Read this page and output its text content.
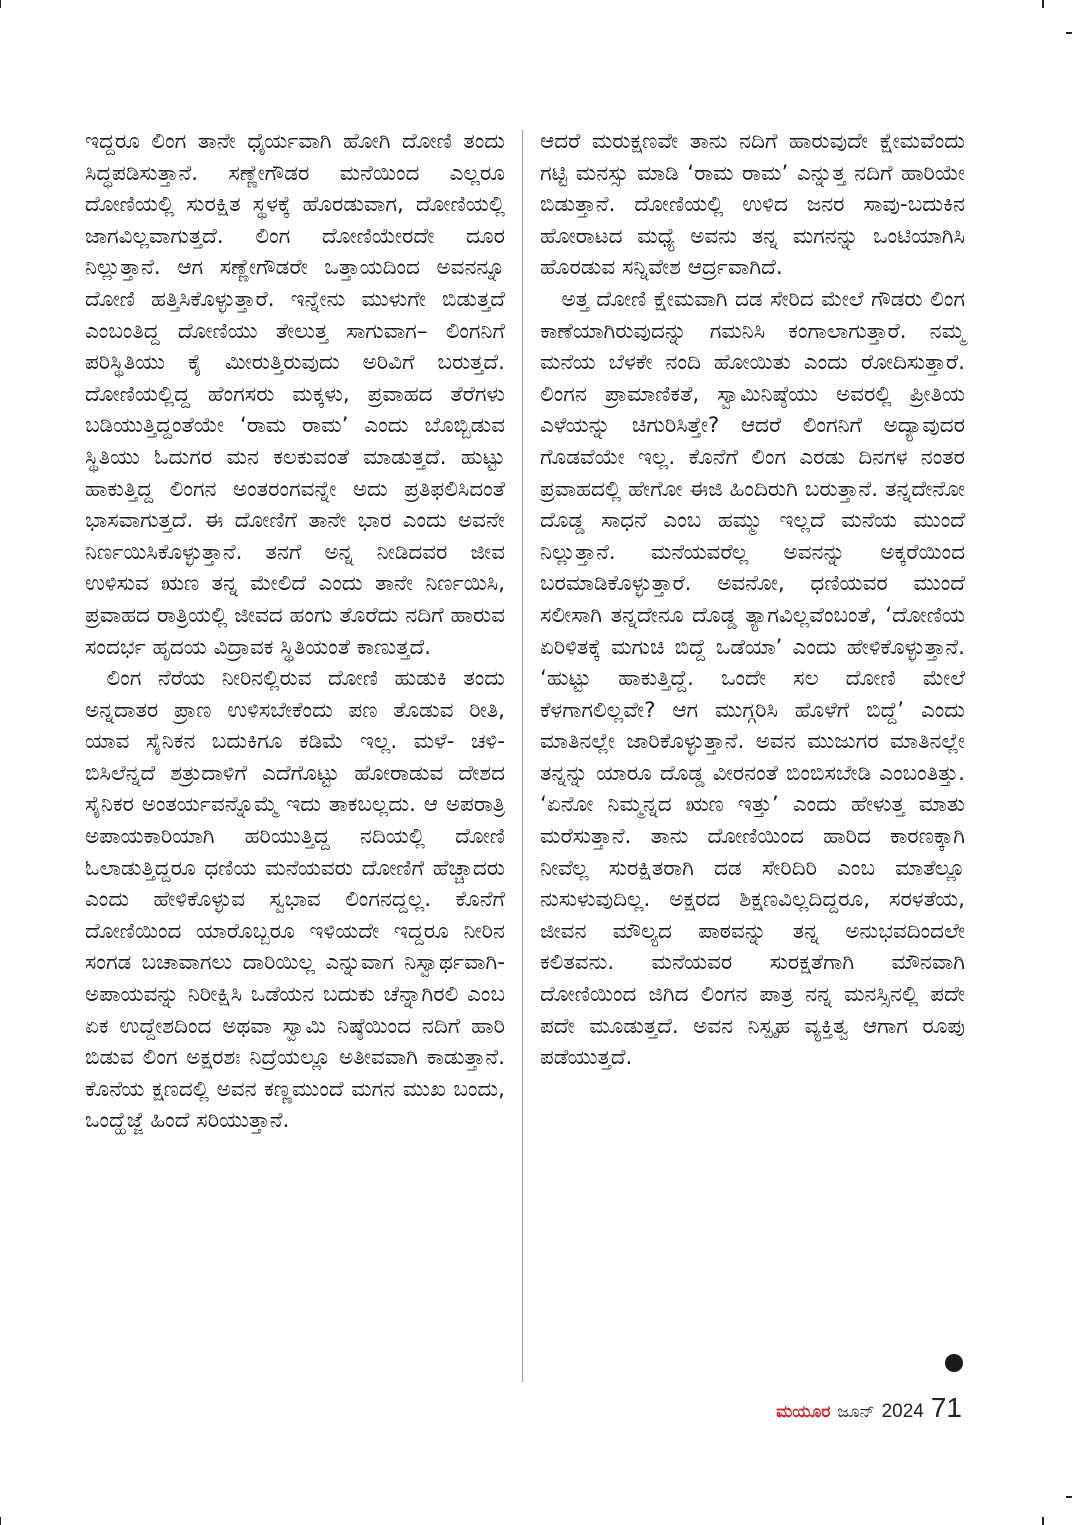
ಇದ್ದರೂ ಲಿಂಗ ತಾನೇ ಧೈರ್ಯವಾಗಿ ಹೋಗಿ ದೋಣಿ ತಂದು ಸಿದ್ಧಪಡಿಸುತ್ತಾನೆ. ಸಣ್ಣೇಗೌಡರ ಮನೆಯಿಂದ ಎಲ್ಲರೂ ದೋಣಿಯಲ್ಲಿ ಸುರಕ್ಷಿತ ಸ್ಥಳಕ್ಕೆ ಹೊರಡುವಾಗ, ದೋಣಿಯಲ್ಲಿ ಜಾಗವಿಲ್ಲವಾಗುತ್ತದೆ. ಲಿಂಗ ದೋಣಿಯೇರದೇ ದೂರ ನಿಲ್ಲುತ್ತಾನೆ. ಆಗ ಸಣ್ಣೇಗೌಡರೇ ಒತ್ತಾಯದಿಂದ ಅವನನ್ನೂ ದೋಣಿ ಹತ್ತಿಸಿಕೊಳ್ಳುತ್ತಾರೆ. ಇನ್ನೇನು ಮುಳುಗೇ ಬಿಡುತ್ತದೆ ಎಂಬಂತಿದ್ದ ದೋಣಿಯು ತೇಲುತ್ತ ಸಾಗುವಾಗ– ಲಿಂಗನಿಗೆ ಪರಿಸ್ಥಿತಿಯು ಕೈ ಮೀರುತ್ತಿರುವುದು ಅರಿವಿಗೆ ಬರುತ್ತದೆ. ದೋಣಿಯಲ್ಲಿದ್ದ ಹೆಂಗಸರು ಮಕ್ಕಳು, ಪ್ರವಾಹದ ತೆರೆಗಳು ಬಡಿಯುತ್ತಿದ್ದಂತೆಯೇ ‘ರಾಮ ರಾಮ’ ಎಂದು ಬೊಬ್ಬಿಡುವ ಸ್ಥಿತಿಯು ಓದುಗರ ಮನ ಕಲಕುವಂತೆ ಮಾಡುತ್ತದೆ. ಹುಟ್ಟು ಹಾಕುತ್ತಿದ್ದ ಲಿಂಗನ ಅಂತರಂಗವನ್ನೇ ಅದು ಪ್ರತಿಫಲಿಸಿದಂತೆ ಭಾಸವಾಗುತ್ತದೆ. ಈ ದೋಣಿಗೆ ತಾನೇ ಭಾರ ಎಂದು ಅವನೇ ನಿರ್ಣಯಿಸಿಕೊಳ್ಳುತ್ತಾನೆ. ತನಗೆ ಅನ್ನ ನೀಡಿದವರ ಜೀವ ಉಳಿಸುವ ಋಣ ತನ್ನ ಮೇಲಿದೆ ಎಂದು ತಾನೇ ನಿರ್ಣಯಿಸಿ, ಪ್ರವಾಹದ ರಾತ್ರಿಯಲ್ಲಿ ಜೀವದ ಹಂಗು ತೊರೆದು ನದಿಗೆ ಹಾರುವ ಸಂದರ್ಭ ಹೃದಯ ವಿದ್ರಾವಕ ಸ್ಥಿತಿಯಂತೆ ಕಾಣುತ್ತದೆ.

ಲಿಂಗ ನೆರೆಯ ನೀರಿನಲ್ಲಿರುವ ದೋಣಿ ಹುಡುಕಿ ತಂದು ಅನ್ನದಾತರ ಪ್ರಾಣ ಉಳಿಸಬೇಕೆಂದು ಪಣ ತೊಡುವ ರೀತಿ, ಯಾವ ಸೈನಿಕನ ಬದುಕಿಗೂ ಕಡಿಮೆ ಇಲ್ಲ. ಮಳೆ- ಚಳಿ- ಬಿಸಿಲೆನ್ನದೆ ಶತ್ರುದಾಳಿಗೆ ಎದೆಗೊಟ್ಟು ಹೋರಾಡುವ ದೇಶದ ಸೈನಿಕರ ಅಂತರ್ಯವನ್ನೊಮ್ಮೆ ಇದು ತಾಕಬಲ್ಲದು. ಆ ಅಪರಾತ್ರಿ ಅಪಾಯಕಾರಿಯಾಗಿ ಹರಿಯುತ್ತಿದ್ದ ನದಿಯಲ್ಲಿ ದೋಣಿ ಓಲಾಡುತ್ತಿದ್ದರೂ ಧಣಿಯ ಮನೆಯವರು ದೋಣಿಗೆ ಹೆಚ್ಚಾದರು ಎಂದು ಹೇಳಿಕೊಳ್ಳುವ ಸ್ವಭಾವ ಲಿಂಗನದ್ದಲ್ಲ. ಕೊನೆಗೆ ದೋಣಿಯಿಂದ ಯಾರೊಬ್ಬರೂ ಇಳಿಯದೇ ಇದ್ದರೂ ನೀರಿನ ಸಂಗಡ ಬಚಾವಾಗಲು ದಾರಿಯಿಲ್ಲ ಎನ್ನುವಾಗ ನಿಸ್ವಾರ್ಥವಾಗಿ- ಅಪಾಯವನ್ನು ನಿರೀಕ್ಷಿಸಿ ಒಡೆಯನ ಬದುಕು ಚೆನ್ನಾಗಿರಲಿ ಎಂಬ ಏಕ ಉದ್ದೇಶದಿಂದ ಅಥವಾ ಸ್ವಾಮಿ ನಿಷ್ಠೆಯಿಂದ ನದಿಗೆ ಹಾರಿ ಬಿಡುವ ಲಿಂಗ ಅಕ್ಷರಶಃ ನಿದ್ರೆಯಲ್ಲೂ ಅತೀವವಾಗಿ ಕಾಡುತ್ತಾನೆ. ಕೊನೆಯ ಕ್ಷಣದಲ್ಲಿ ಅವನ ಕಣ್ಣಮುಂದೆ ಮಗನ ಮುಖ ಬಂದು, ಒಂದ್ಹೆಜ್ಜೆ ಹಿಂದೆ ಸರಿಯುತ್ತಾನೆ.

ಆದರೆ ಮರುಕ್ಷಣವೇ ತಾನು ನದಿಗೆ ಹಾರುವುದೇ ಕ್ಷೇಮವೆಂದು ಗಟ್ಟಿ ಮನಸ್ಸು ಮಾಡಿ ‘ರಾಮ ರಾಮ’ ಎನ್ನುತ್ತ ನದಿಗೆ ಹಾರಿಯೇ ಬಿಡುತ್ತಾನೆ. ದೋಣಿಯಲ್ಲಿ ಉಳಿದ ಜನರ ಸಾವು-ಬದುಕಿನ ಹೋರಾಟದ ಮಧ್ಯೆ ಅವನು ತನ್ನ ಮಗನನ್ನು ಒಂಟಿಯಾಗಿಸಿ ಹೊರಡುವ ಸನ್ನಿವೇಶ ಆರ್ದ್ರವಾಗಿದೆ.

ಅತ್ತ ದೋಣಿ ಕ್ಷೇಮವಾಗಿ ದಡ ಸೇರಿದ ಮೇಲೆ ಗೌಡರು ಲಿಂಗ ಕಾಣೆಯಾಗಿರುವುದನ್ನು ಗಮನಿಸಿ ಕಂಗಾಲಾಗುತ್ತಾರೆ. ನಮ್ಮ ಮನೆಯ ಬೆಳಕೇ ನಂದಿ ಹೋಯಿತು ಎಂದು ರೋದಿಸುತ್ತಾರೆ. ಲಿಂಗನ ಪ್ರಾಮಾಣಿಕತೆ, ಸ್ವಾಮಿನಿಷ್ಠೆಯು ಅವರಲ್ಲಿ ಪ್ರೀತಿಯ ಎಳೆಯನ್ನು ಚಿಗುರಿಸಿತ್ತೇ? ಆದರೆ ಲಿಂಗನಿಗೆ ಅದ್ಯಾವುದರ ಗೊಡವೆಯೇ ಇಲ್ಲ. ಕೊನೆಗೆ ಲಿಂಗ ಎರಡು ದಿನಗಳ ನಂತರ ಪ್ರವಾಹದಲ್ಲಿ ಹೇಗೋ ಈಜಿ ಹಿಂದಿರುಗಿ ಬರುತ್ತಾನೆ. ತನ್ನದೇನೋ ದೊಡ್ಡ ಸಾಧನೆ ಎಂಬ ಹಮ್ಮು ಇಲ್ಲದೆ ಮನೆಯ ಮುಂದೆ ನಿಲ್ಲುತ್ತಾನೆ. ಮನೆಯವರೆಲ್ಲ ಅವನನ್ನು ಅಕ್ಕರೆಯಿಂದ ಬರಮಾಡಿಕೊಳ್ಳುತ್ತಾರೆ. ಅವನೋ, ಧಣಿಯವರ ಮುಂದೆ ಸಲೀಸಾಗಿ ತನ್ನದೇನೂ ದೊಡ್ಡ ತ್ಯಾಗವಿಲ್ಲವೆಂಬಂತೆ, ‘ದೋಣಿಯ ಏರಿಳಿತಕ್ಕೆ ಮಗುಚಿ ಬಿದ್ದೆ ಒಡೆಯಾ’ ಎಂದು ಹೇಳಿಕೊಳ್ಳುತ್ತಾನೆ. ‘ಹುಟ್ಟು ಹಾಕುತ್ತಿದ್ದೆ. ಒಂದೇ ಸಲ ದೋಣಿ ಮೇಲೆ ಕೆಳಗಾಗಲಿಲ್ಲವೇ? ಆಗ ಮುಗ್ಗರಿಸಿ ಹೊಳೆಗೆ ಬಿದ್ದೆ’ ಎಂದು ಮಾತಿನಲ್ಲೇ ಜಾರಿಕೊಳ್ಳುತ್ತಾನೆ. ಅವನ ಮುಜುಗರ ಮಾತಿನಲ್ಲೇ ತನ್ನನ್ನು ಯಾರೂ ದೊಡ್ಡ ವೀರನಂತೆ ಬಿಂಬಿಸಬೇಡಿ ಎಂಬಂತಿತ್ತು. ‘ಏನೋ ನಿಮ್ಮನ್ನದ ಋಣ ಇತ್ತು’ ಎಂದು ಹೇಳುತ್ತ ಮಾತು ಮರೆಸುತ್ತಾನೆ. ತಾನು ದೋಣಿಯಿಂದ ಹಾರಿದ ಕಾರಣಕ್ಕಾಗಿ ನೀವೆಲ್ಲ ಸುರಕ್ಷಿತರಾಗಿ ದಡ ಸೇರಿದಿರಿ ಎಂಬ ಮಾತೆಲ್ಲೂ ನುಸುಳುವುದಿಲ್ಲ. ಅಕ್ಷರದ ಶಿಕ್ಷಣವಿಲ್ಲದಿದ್ದರೂ, ಸರಳತೆಯ, ಜೀವನ ಮೌಲ್ಯದ ಪಾಠವನ್ನು ತನ್ನ ಅನುಭವದಿಂದಲೇ ಕಲಿತವನು. ಮನೆಯವರ ಸುರಕ್ಷತೆಗಾಗಿ ಮೌನವಾಗಿ ದೋಣಿಯಿಂದ ಜಿಗಿದ ಲಿಂಗನ ಪಾತ್ರ ನನ್ನ ಮನಸ್ಸಿನಲ್ಲಿ ಪದೇ ಪದೇ ಮೂಡುತ್ತದೆ. ಅವನ ನಿಸ್ಪೃಹ ವ್ಯಕ್ತಿತ್ವ ಆಗಾಗ ರೂಪು ಪಡೆಯುತ್ತದೆ.

ಮಯೂರ ಜೂನ್ 2024 71
